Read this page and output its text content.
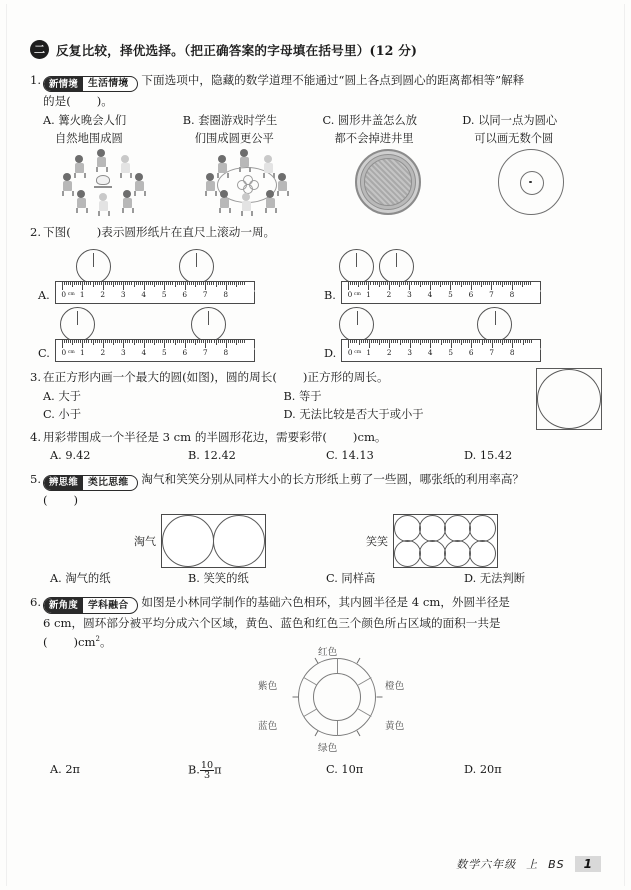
二 反复比较，择优选择。（把正确答案的字母填在括号里）(12 分)
1. 新情境	生活情境 下面选项中，隐藏的数学道理不能通过“圆上各点到圆心的距离都相等”解释
的是( )。
A. 篝火晚会人们
自然地围成圆
B. 套圈游戏时学生
们围成圆更公平
C. 圆形井盖怎么放
都不会掉进井里
D. 以同一点为圆心
可以画无数个圆
2. 下图( )表示圆形纸片在直尺上滚动一周。
A.	0 1 2 3 4 5 6 7 8
cm	B.	0 1 2 3 4 5 6 7 8
cm
C.	0 1 2 3 4 5 6 7 8
cm	D.	0 1 2 3 4 5 6 7 8
cm
3. 在正方形内画一个最大的圆(如图)，圆的周长( )正方形的周长。
A. 大于	B. 等于
C. 小于	D. 无法比较是否大于或小于
4. 用彩带围成一个半径是 3 cm 的半圆形花边，需要彩带( )cm。
A. 9.42	B. 12.42	C. 14.13	D. 15.42
5. 辨思维	类比思维 淘气和笑笑分别从同样大小的长方形纸上剪了一些圆，哪张纸的利用率高？
( )
淘气	笑笑
A. 淘气的纸	B. 笑笑的纸	C. 同样高	D. 无法判断
6. 新角度	学科融合 如图是小林同学制作的基础六色相环，其内圆半径是 4 cm，外圆半径是
6 cm，圆环部分被平均分成六个区域，黄色、蓝色和红色三个颜色所占区域的面积一共是
( )$cm^2$。
红色
橙色
黄色
绿色
蓝色
紫色
A. 2π	B. $\frac{10}{3}$ π	C. 10π	D. 20π
数学六年级 上 BS	1
